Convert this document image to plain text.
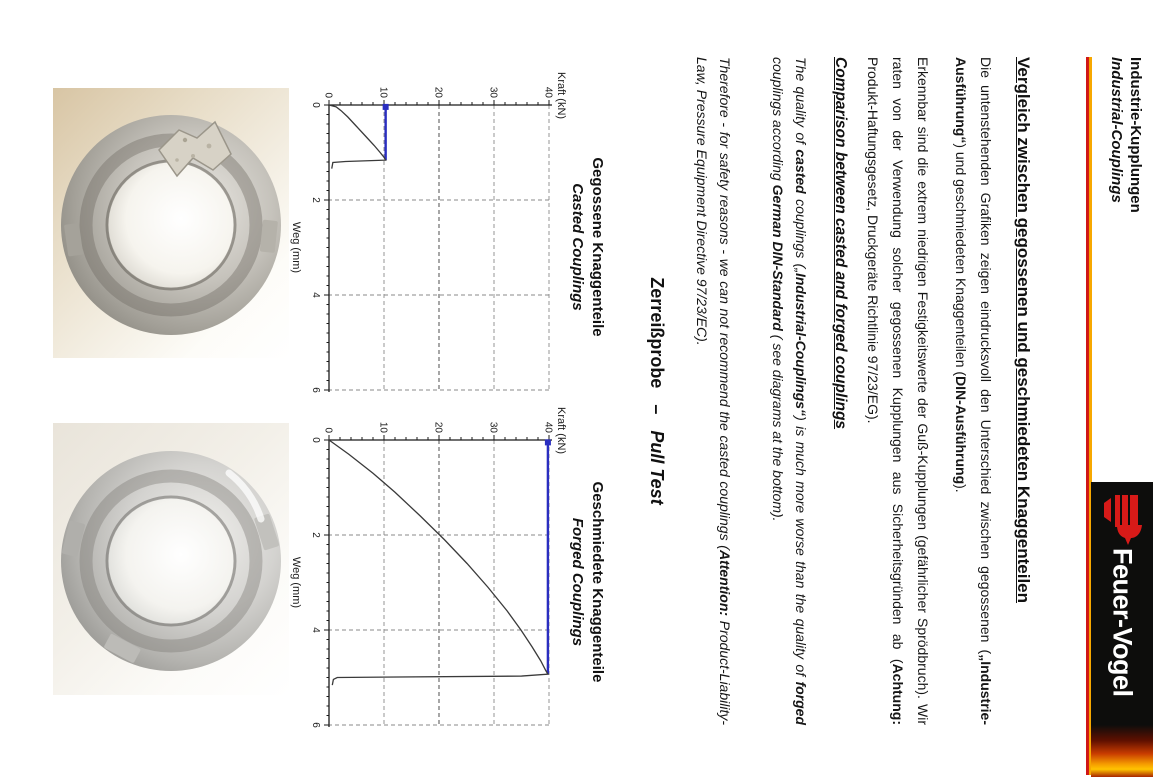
Industrie-Kupplungen
Industrial-Couplings
Feuer-Vogel
Vergleich zwischen gegossenen und geschmiedeten Knaggenteilen
Die untenstehenden Grafiken zeigen eindrucksvoll den Unterschied zwischen gegossenen („Industrie-Ausführung“) und geschmiedeten Knaggenteilen (DIN-Ausführung).
Erkennbar sind die extrem niedrigen Festigkeitswerte der Guß-Kupplungen (gefährlicher Sprödbruch). Wir raten von der Verwendung solcher gegossenen Kupplungen aus Sicherheitsgründen ab (Achtung: Produkt-Haftungsgesetz, Druckgeräte Richtlinie 97/23/EG).
Comparison between casted and forged couplings
The quality of casted couplings („Industrial-Couplings“) is much more worse than the quality of forged couplings according German DIN-Standard ( see diagrams at the bottom).
Therefore - for safety reasons - we can not recommend the casted couplings (Attention: Product-Liability-Law, Pressure Equipment Directive 97/23/EC).
Zerreißprobe–Pull Test
Gegossene Knaggenteile
Casted Couplings
Geschmiedete Knaggenteile
Forged Couplings
0	10	20	30	40
0
2
4
6
Kraft (kN)
Weg (mm)
0	10	20	30	40
0
2
4
6
Kraft (kN)
Weg (mm)
